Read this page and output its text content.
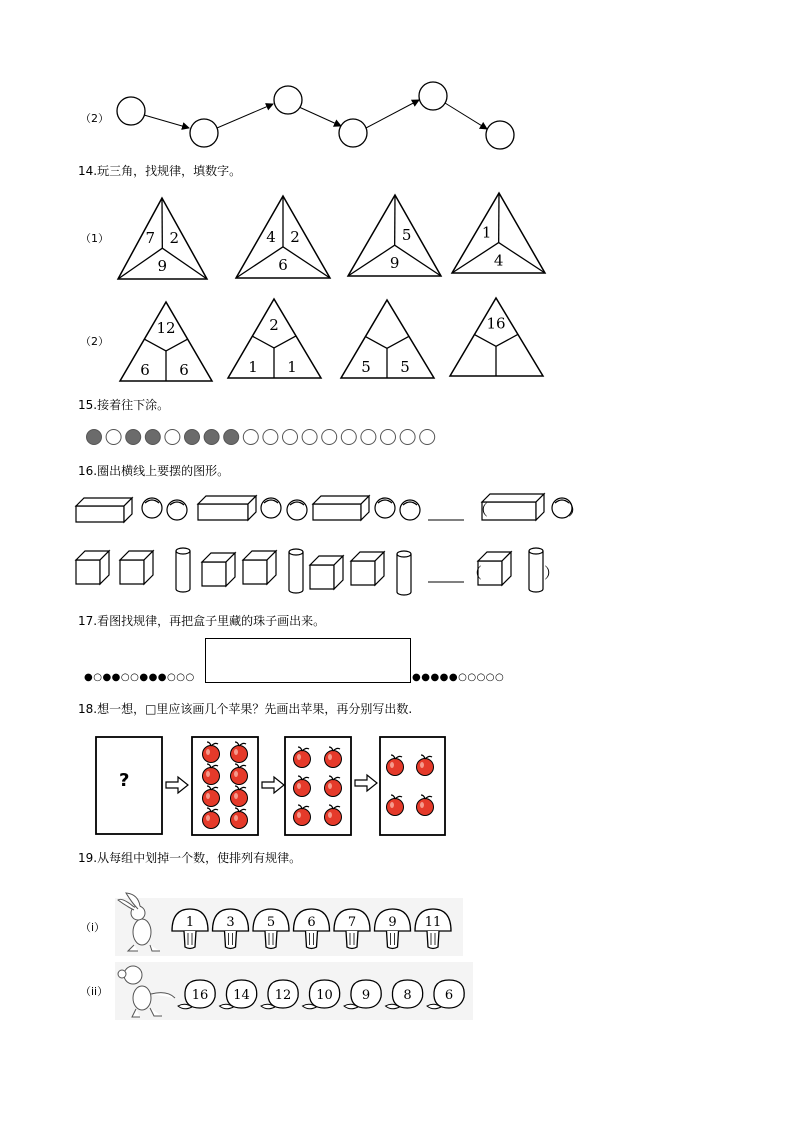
（2）
14.玩三角，找规律，填数字。
（1） 7 2
9
4 2
6
5
9
1
4
（2）
12
6 6
2
1 1	5 5
16
15.接着往下涂。
16.圈出横线上要摆的图形。
（	）
（	）
17.看图找规律，再把盒子里藏的珠子画出来。
●○●●○○●●●○○○	●●●●●○○○○○
18.想一想，□里应该画几个苹果？先画出苹果，再分别写出数.
?
19.从每组中划掉一个数，使排列有规律。
（i）
（ii）
1 3 5 6 7 9 11
16 14 12 10 9	8	6
